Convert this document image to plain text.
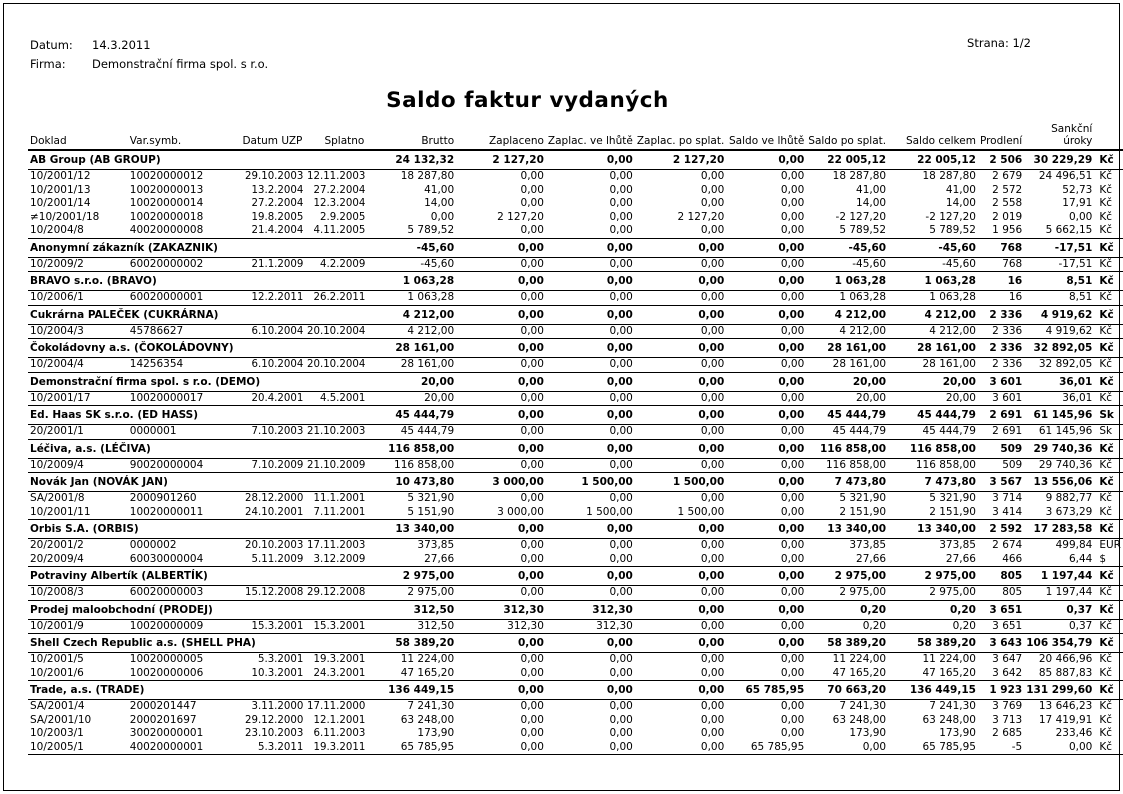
Datum:	14.3.2011
Firma:	Demonstrační firma spol. s r.o.
Strana: 1/2
Saldo faktur vydaných
Doklad	Var.symb.	Datum UZP	Splatno	Brutto	Zaplaceno	Zaplac. ve lhůtě	Zaplac. po splat.	Saldo ve lhůtě	Saldo po splat.	Saldo celkem	Prodlení	Sankční úroky	
AB Group (AB GROUP)				24 132,32	2 127,20	0,00	2 127,20	0,00	22 005,12	22 005,12	2 506	30 229,29	Kč
10/2001/12	10020000012	29.10.2003	12.11.2003	18 287,80	0,00	0,00	0,00	0,00	18 287,80	18 287,80	2 679	24 496,51	Kč
10/2001/13	10020000013	13.2.2004	27.2.2004	41,00	0,00	0,00	0,00	0,00	41,00	41,00	2 572	52,73	Kč
10/2001/14	10020000014	27.2.2004	12.3.2004	14,00	0,00	0,00	0,00	0,00	14,00	14,00	2 558	17,91	Kč
≠10/2001/18	10020000018	19.8.2005	2.9.2005	0,00	2 127,20	0,00	2 127,20	0,00	-2 127,20	-2 127,20	2 019	0,00	Kč
10/2004/8	40020000008	21.4.2004	4.11.2005	5 789,52	0,00	0,00	0,00	0,00	5 789,52	5 789,52	1 956	5 662,15	Kč
Anonymní zákazník (ZAKAZNIK)				-45,60	0,00	0,00	0,00	0,00	-45,60	-45,60	768	-17,51	Kč
10/2009/2	60020000002	21.1.2009	4.2.2009	-45,60	0,00	0,00	0,00	0,00	-45,60	-45,60	768	-17,51	Kč
BRAVO s.r.o. (BRAVO)				1 063,28	0,00	0,00	0,00	0,00	1 063,28	1 063,28	16	8,51	Kč
10/2006/1	60020000001	12.2.2011	26.2.2011	1 063,28	0,00	0,00	0,00	0,00	1 063,28	1 063,28	16	8,51	Kč
Cukrárna PALEČEK (CUKRÁRNA)				4 212,00	0,00	0,00	0,00	0,00	4 212,00	4 212,00	2 336	4 919,62	Kč
10/2004/3	45786627	6.10.2004	20.10.2004	4 212,00	0,00	0,00	0,00	0,00	4 212,00	4 212,00	2 336	4 919,62	Kč
Čokoládovny a.s. (ČOKOLÁDOVNY)				28 161,00	0,00	0,00	0,00	0,00	28 161,00	28 161,00	2 336	32 892,05	Kč
10/2004/4	14256354	6.10.2004	20.10.2004	28 161,00	0,00	0,00	0,00	0,00	28 161,00	28 161,00	2 336	32 892,05	Kč
Demonstrační firma spol. s r.o. (DEMO)				20,00	0,00	0,00	0,00	0,00	20,00	20,00	3 601	36,01	Kč
10/2001/17	10020000017	20.4.2001	4.5.2001	20,00	0,00	0,00	0,00	0,00	20,00	20,00	3 601	36,01	Kč
Ed. Haas SK s.r.o. (ED HASS)				45 444,79	0,00	0,00	0,00	0,00	45 444,79	45 444,79	2 691	61 145,96	Sk
20/2001/1	0000001	7.10.2003	21.10.2003	45 444,79	0,00	0,00	0,00	0,00	45 444,79	45 444,79	2 691	61 145,96	Sk
Léčiva, a.s. (LÉČIVA)				116 858,00	0,00	0,00	0,00	0,00	116 858,00	116 858,00	509	29 740,36	Kč
10/2009/4	90020000004	7.10.2009	21.10.2009	116 858,00	0,00	0,00	0,00	0,00	116 858,00	116 858,00	509	29 740,36	Kč
Novák Jan (NOVÁK JAN)				10 473,80	3 000,00	1 500,00	1 500,00	0,00	7 473,80	7 473,80	3 567	13 556,06	Kč
SA/2001/8	2000901260	28.12.2000	11.1.2001	5 321,90	0,00	0,00	0,00	0,00	5 321,90	5 321,90	3 714	9 882,77	Kč
10/2001/11	10020000011	24.10.2001	7.11.2001	5 151,90	3 000,00	1 500,00	1 500,00	0,00	2 151,90	2 151,90	3 414	3 673,29	Kč
Orbis S.A. (ORBIS)				13 340,00	0,00	0,00	0,00	0,00	13 340,00	13 340,00	2 592	17 283,58	Kč
20/2001/2	0000002	20.10.2003	17.11.2003	373,85	0,00	0,00	0,00	0,00	373,85	373,85	2 674	499,84	EUR
20/2009/4	60030000004	5.11.2009	3.12.2009	27,66	0,00	0,00	0,00	0,00	27,66	27,66	466	6,44	$
Potraviny Albertík (ALBERTÍK)				2 975,00	0,00	0,00	0,00	0,00	2 975,00	2 975,00	805	1 197,44	Kč
10/2008/3	60020000003	15.12.2008	29.12.2008	2 975,00	0,00	0,00	0,00	0,00	2 975,00	2 975,00	805	1 197,44	Kč
Prodej maloobchodní (PRODEJ)				312,50	312,30	312,30	0,00	0,00	0,20	0,20	3 651	0,37	Kč
10/2001/9	10020000009	15.3.2001	15.3.2001	312,50	312,30	312,30	0,00	0,00	0,20	0,20	3 651	0,37	Kč
Shell Czech Republic a.s. (SHELL PHA)				58 389,20	0,00	0,00	0,00	0,00	58 389,20	58 389,20	3 643	106 354,79	Kč
10/2001/5	10020000005	5.3.2001	19.3.2001	11 224,00	0,00	0,00	0,00	0,00	11 224,00	11 224,00	3 647	20 466,96	Kč
10/2001/6	10020000006	10.3.2001	24.3.2001	47 165,20	0,00	0,00	0,00	0,00	47 165,20	47 165,20	3 642	85 887,83	Kč
Trade, a.s. (TRADE)				136 449,15	0,00	0,00	0,00	65 785,95	70 663,20	136 449,15	1 923	131 299,60	Kč
SA/2001/4	2000201447	3.11.2000	17.11.2000	7 241,30	0,00	0,00	0,00	0,00	7 241,30	7 241,30	3 769	13 646,23	Kč
SA/2001/10	2000201697	29.12.2000	12.1.2001	63 248,00	0,00	0,00	0,00	0,00	63 248,00	63 248,00	3 713	17 419,91	Kč
10/2003/1	30020000001	23.10.2003	6.11.2003	173,90	0,00	0,00	0,00	0,00	173,90	173,90	2 685	233,46	Kč
10/2005/1	40020000001	5.3.2011	19.3.2011	65 785,95	0,00	0,00	0,00	65 785,95	0,00	65 785,95	-5	0,00	Kč
